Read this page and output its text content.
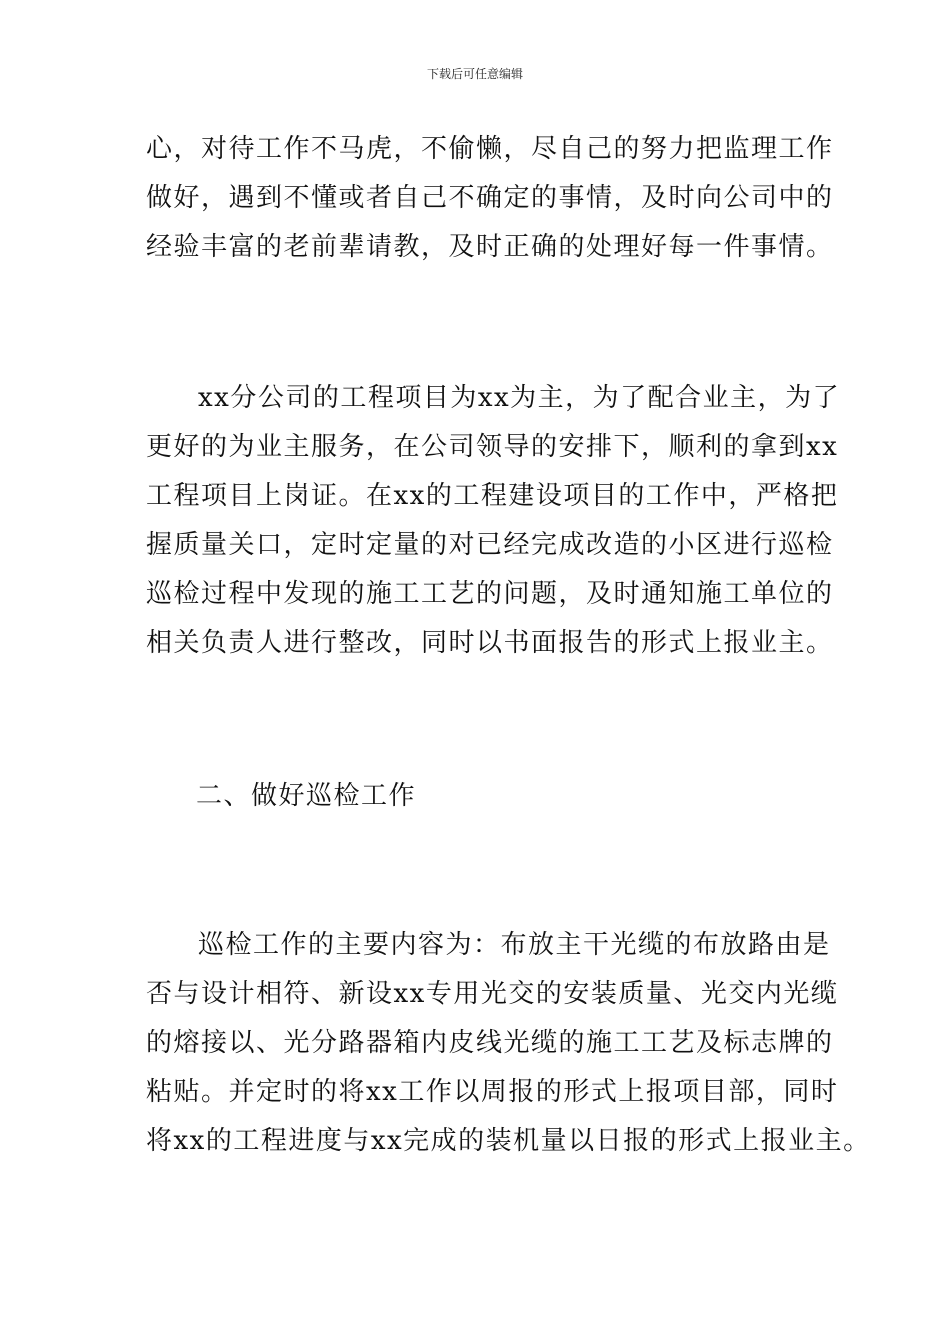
下载后可任意编辑
心，对待工作不马虎，不偷懒，尽自己的努力把监理工作
做好，遇到不懂或者自己不确定的事情，及时向公司中的
经验丰富的老前辈请教，及时正确的处理好每一件事情。
xx分公司的工程项目为xx为主，为了配合业主，为了
更好的为业主服务，在公司领导的安排下，顺利的拿到xx
工程项目上岗证。在xx的工程建设项目的工作中，严格把
握质量关口，定时定量的对已经完成改造的小区进行巡检
巡检过程中发现的施工工艺的问题，及时通知施工单位的
相关负责人进行整改，同时以书面报告的形式上报业主。
二、做好巡检工作
巡检工作的主要内容为：布放主干光缆的布放路由是
否与设计相符、新设xx专用光交的安装质量、光交内光缆
的熔接以、光分路器箱内皮线光缆的施工工艺及标志牌的
粘贴。并定时的将xx工作以周报的形式上报项目部，同时
将xx的工程进度与xx完成的装机量以日报的形式上报业主。
